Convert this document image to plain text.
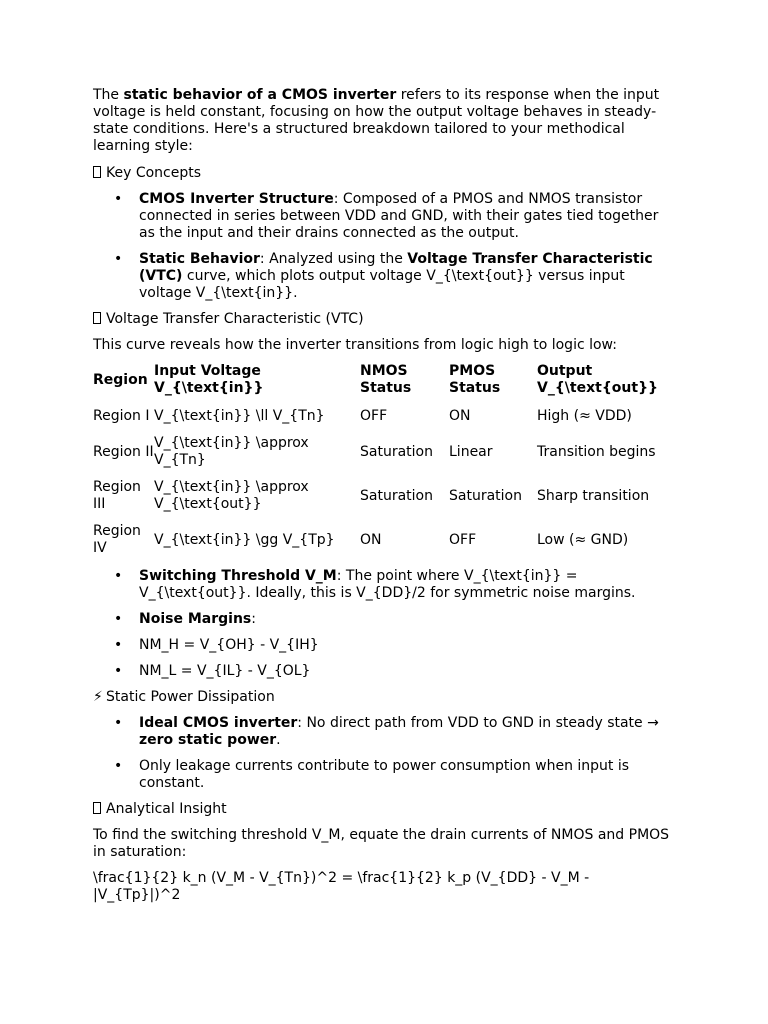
The static behavior of a CMOS inverter refers to its response when the input voltage is held constant, focusing on how the output voltage behaves in steady-state conditions. Here's a structured breakdown tailored to your methodical learning style:

Key Concepts

• CMOS Inverter Structure: Composed of a PMOS and NMOS transistor connected in series between VDD and GND, with their gates tied together as the input and their drains connected as the output.
• Static Behavior: Analyzed using the Voltage Transfer Characteristic (VTC) curve, which plots output voltage V_{\text{out}} versus input voltage V_{\text{in}}.

Voltage Transfer Characteristic (VTC)

This curve reveals how the inverter transitions from logic high to logic low:

Region	Input Voltage V_{\text{in}}	NMOS Status	PMOS Status	Output V_{\text{out}}
Region I	V_{\text{in}} \ll V_{Tn}	OFF	ON	High (≈ VDD)
Region II	V_{\text{in}} \approx V_{Tn}	Saturation	Linear	Transition begins
Region III	V_{\text{in}} \approx V_{\text{out}}	Saturation	Saturation	Sharp transition
Region IV	V_{\text{in}} \gg V_{Tp}	ON	OFF	Low (≈ GND)
• Switching Threshold V_M: The point where V_{\text{in}} = V_{\text{out}}. Ideally, this is V_{DD}/2 for symmetric noise margins.
• Noise Margins:
• NM_H = V_{OH} - V_{IH}
• NM_L = V_{IL} - V_{OL}

⚡ Static Power Dissipation

• Ideal CMOS inverter: No direct path from VDD to GND in steady state → zero static power.
• Only leakage currents contribute to power consumption when input is constant.

Analytical Insight

To find the switching threshold V_M, equate the drain currents of NMOS and PMOS in saturation:

\frac{1}{2} k_n (V_M - V_{Tn})^2 = \frac{1}{2} k_p (V_{DD} - V_M - |V_{Tp}|)^2
